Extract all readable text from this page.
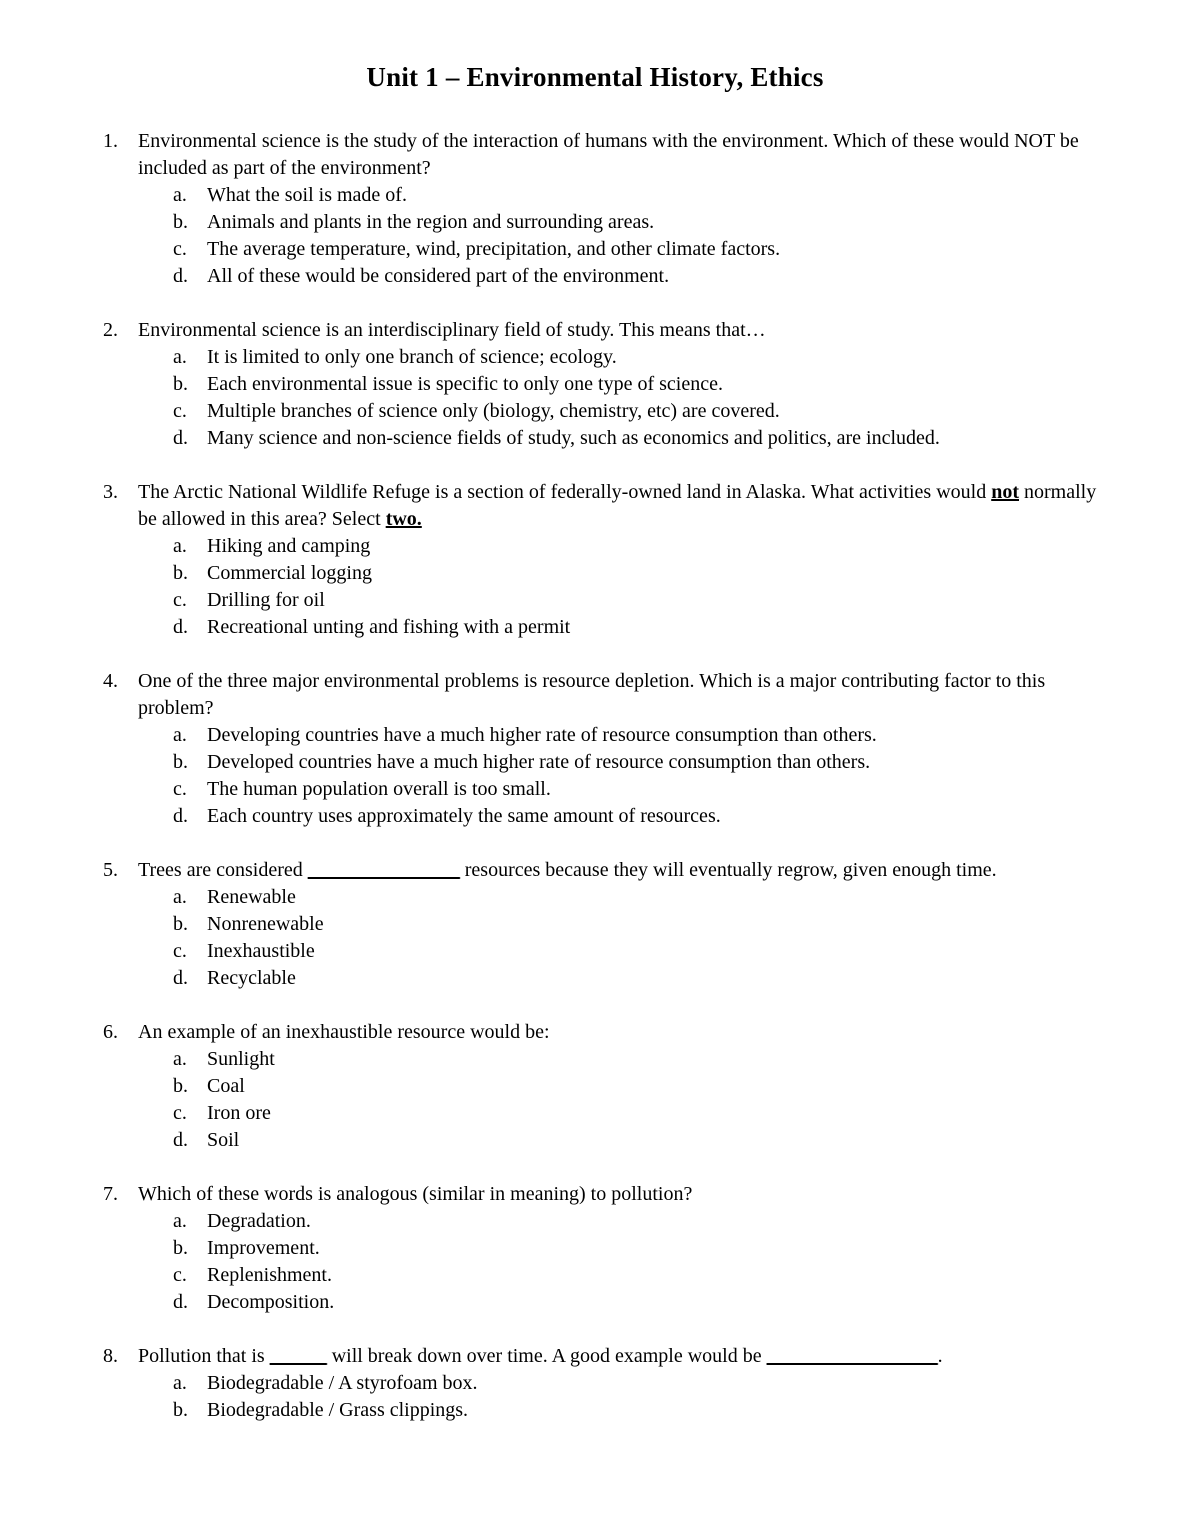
Unit 1 – Environmental History, Ethics
1.	Environmental science is the study of the interaction of humans with the environment. Which of these would NOT be included as part of the environment?
a.	What the soil is made of.
b. Animals and plants in the region and surrounding areas.
c.	The average temperature, wind, precipitation, and other climate factors.
d. All of these would be considered part of the environment.
2.	Environmental science is an interdisciplinary field of study. This means that…
a.	It is limited to only one branch of science; ecology.
b. Each environmental issue is specific to only one type of science.
c.	Multiple branches of science only (biology, chemistry, etc) are covered.
d. Many science and non-science fields of study, such as economics and politics, are included.
3.	The Arctic National Wildlife Refuge is a section of federally-owned land in Alaska. What activities would not normally be allowed in this area? Select two.
a.	Hiking and camping
b. Commercial logging
c.	Drilling for oil
d. Recreational unting and fishing with a permit
4.	One of the three major environmental problems is resource depletion. Which is a major contributing factor to this problem?
a.	Developing countries have a much higher rate of resource consumption than others.
b. Developed countries have a much higher rate of resource consumption than others.
c.	The human population overall is too small.
d. Each country uses approximately the same amount of resources.
5.	Trees are considered ________________ resources because they will eventually regrow, given enough time.
a.	Renewable
b. Nonrenewable
c.	Inexhaustible
d. Recyclable
6.	An example of an inexhaustible resource would be:
a.	Sunlight
b. Coal
c.	Iron ore
d. Soil
7.	Which of these words is analogous (similar in meaning) to pollution?
a.	Degradation.
b. Improvement.
c.	Replenishment.
d. Decomposition.
8.	Pollution that is ______ will break down over time. A good example would be __________________.
a.	Biodegradable / A styrofoam box.
b. Biodegradable / Grass clippings.
